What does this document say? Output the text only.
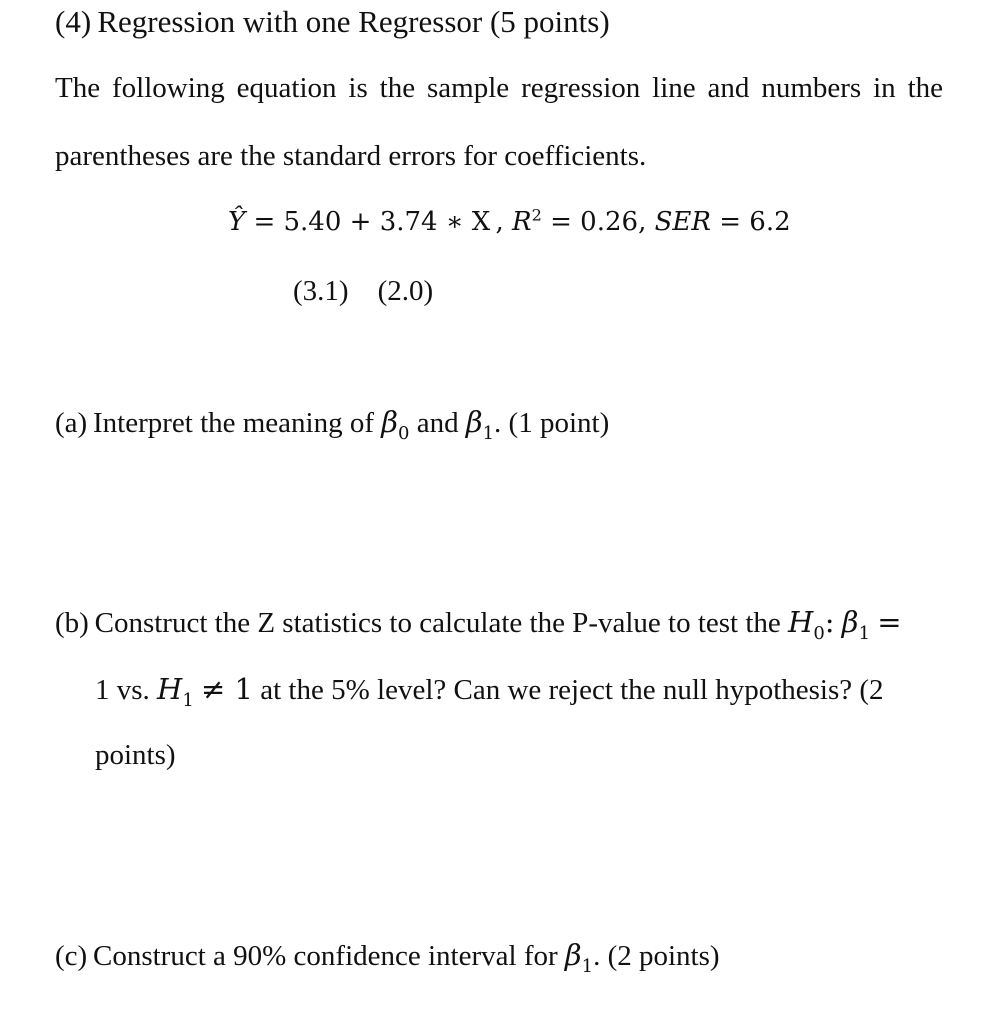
(4) Regression with one Regressor (5 points)
The following equation is the sample regression line and numbers in the
parentheses are the standard errors for coefficients.
Ŷ = 5.40 + 3.74 ∗ X , $R^2 = 0.26$, SER = 6.2
(3.1) (2.0)
(a) Interpret the meaning of $\beta_0$ and $\beta_1$. (1 point)
(b) Construct the Z statistics to calculate the P-value to test the $H_0$: $\beta_1$ =
1 vs. $H_1 \ne 1$ at the 5% level? Can we reject the null hypothesis? (2
points)
(c) Construct a 90% confidence interval for $\beta_1$. (2 points)
